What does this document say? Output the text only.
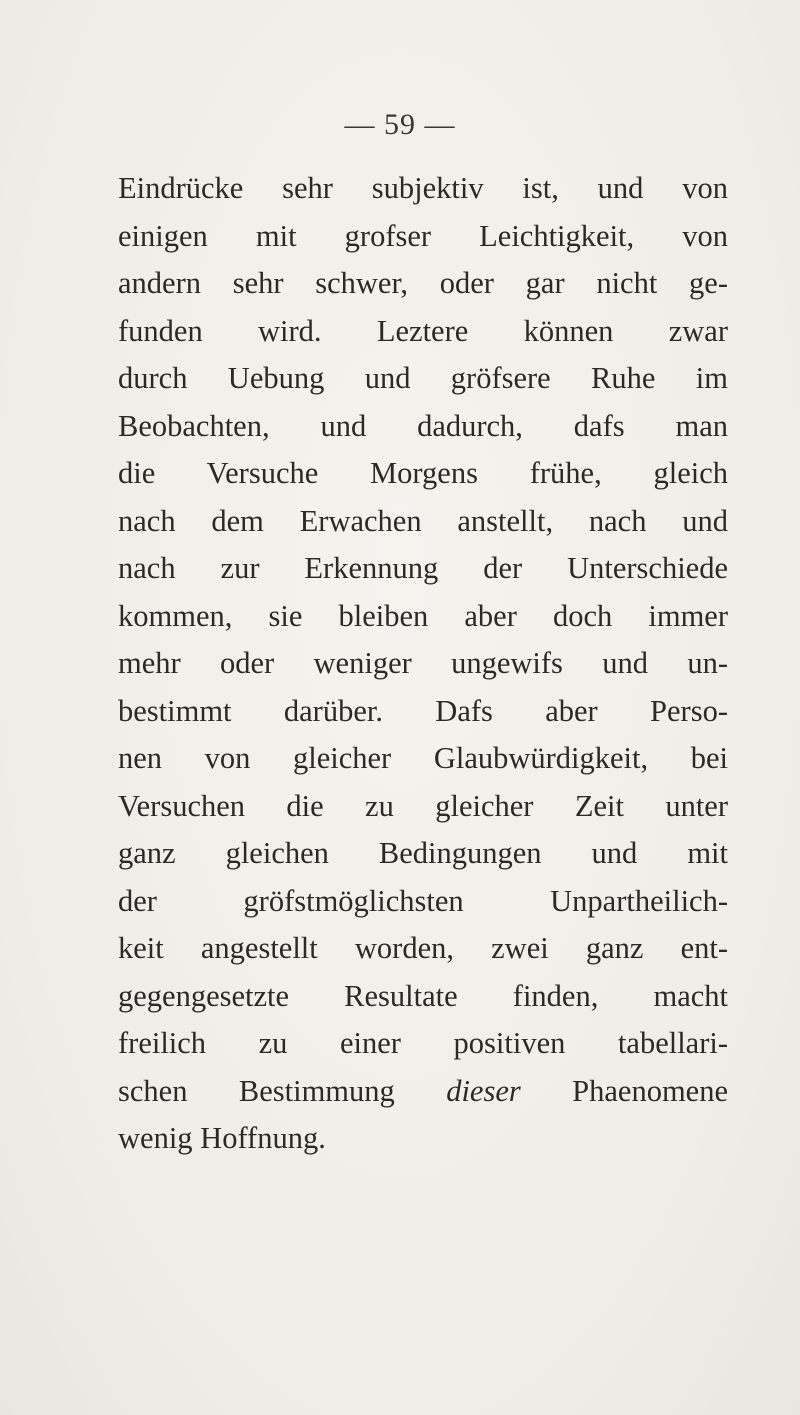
— 59 —
Eindrücke sehr subjektiv ist, und von
einigen mit grofser Leichtigkeit, von
andern sehr schwer, oder gar nicht ge-
funden wird. Leztere können zwar
durch Uebung und gröfsere Ruhe im
Beobachten, und dadurch, dafs man
die Versuche Morgens frühe, gleich
nach dem Erwachen anstellt, nach und
nach zur Erkennung der Unterschiede
kommen, sie bleiben aber doch immer
mehr oder weniger ungewifs und un-
bestimmt darüber. Dafs aber Perso-
nen von gleicher Glaubwürdigkeit, bei
Versuchen die zu gleicher Zeit unter
ganz gleichen Bedingungen und mit
der gröfstmöglichsten Unpartheilich-
keit angestellt worden, zwei ganz ent-
gegengesetzte Resultate finden, macht
freilich zu einer positiven tabellari-
schen Bestimmung dieser Phaenomene
wenig Hoffnung.
